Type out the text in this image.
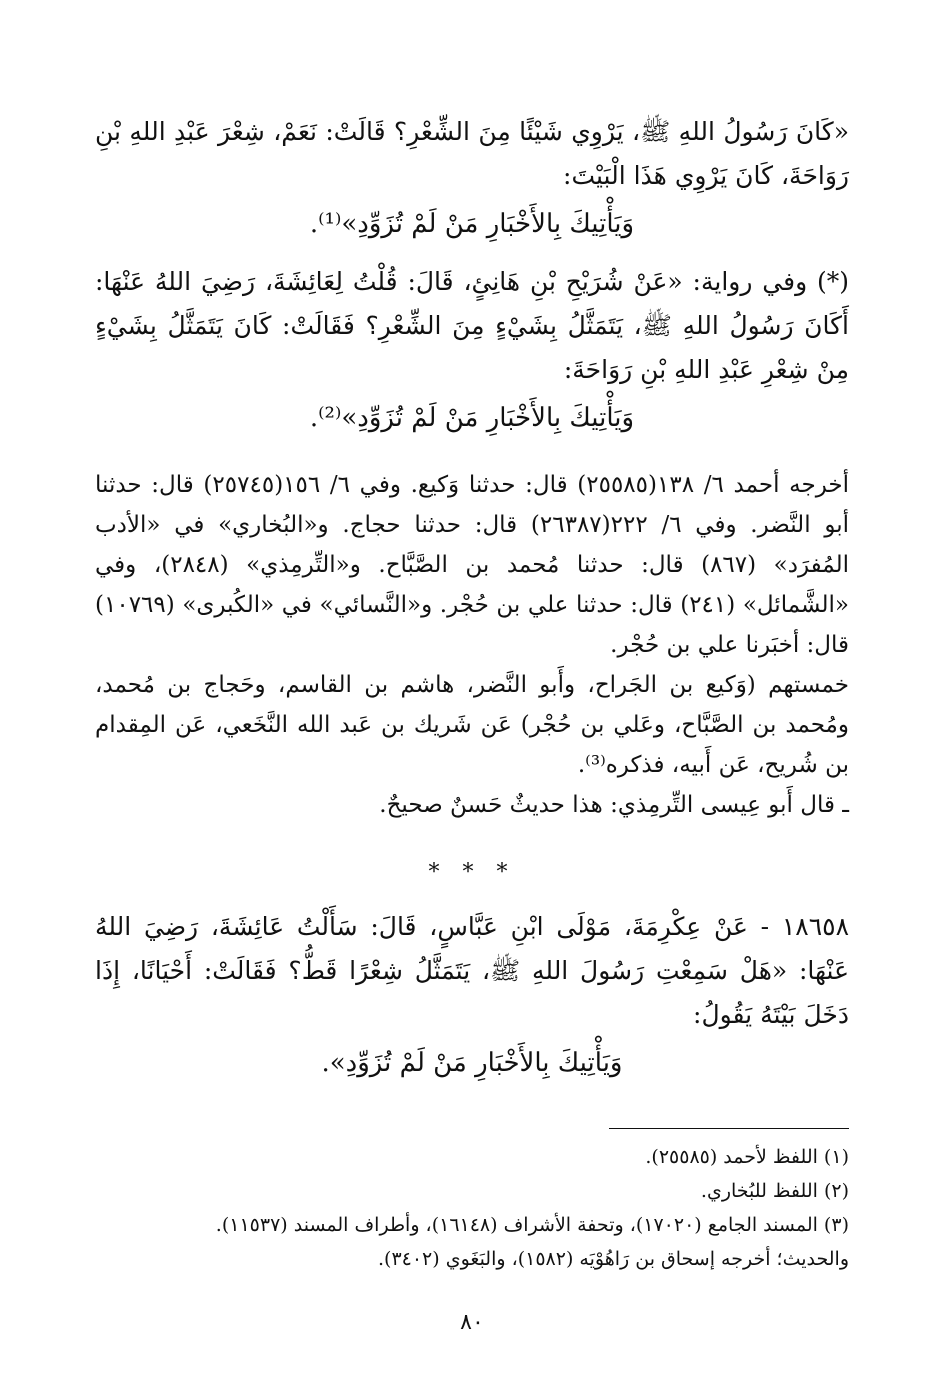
«كَانَ رَسُولُ اللهِ ﷺ، يَرْوِي شَيْئًا مِنَ الشِّعْرِ؟ قَالَتْ: نَعَمْ، شِعْرَ عَبْدِ اللهِ بْنِ رَوَاحَةَ، كَانَ يَرْوِي هَذَا الْبَيْتَ:

وَيَأْتِيكَ بِالأَخْبَارِ مَنْ لَمْ تُزَوِّدِ»⁽¹⁾.

(*) وفي رواية: «عَنْ شُرَيْحِ بْنِ هَانِئٍ، قَالَ: قُلْتُ لِعَائِشَةَ، رَضِيَ اللهُ عَنْهَا: أَكَانَ رَسُولُ اللهِ ﷺ، يَتَمَثَّلُ بِشَيْءٍ مِنَ الشِّعْرِ؟ فَقَالَتْ: كَانَ يَتَمَثَّلُ بِشَيْءٍ مِنْ شِعْرِ عَبْدِ اللهِ بْنِ رَوَاحَةَ:

وَيَأْتِيكَ بِالأَخْبَارِ مَنْ لَمْ تُزَوِّدِ»⁽²⁾.

أخرجه أحمد ٦/ ١٣٨(٢٥٥٨٥) قال: حدثنا وَكيع. وفي ٦/ ١٥٦(٢٥٧٤٥) قال: حدثنا أبو النَّضر. وفي ٦/ ٢٢٢(٢٦٣٨٧) قال: حدثنا حجاج. و«البُخاري» في «الأدب المُفرَد» (٨٦٧) قال: حدثنا مُحمد بن الصَّبَّاح. و«التِّرمِذي» (٢٨٤٨)، وفي «الشَّمائل» (٢٤١) قال: حدثنا علي بن حُجْر. و«النَّسائي» في «الكُبرى» (١٠٧٦٩) قال: أخبَرنا علي بن حُجْر.

خمستهم (وَكيع بن الجَراح، وأَبو النَّضر، هاشم بن القاسم، وحَجاج بن مُحمد، ومُحمد بن الصَّبَّاح، وعَلي بن حُجْر) عَن شَريك بن عَبد الله النَّخَعي، عَن المِقدام بن شُريح، عَن أَبيه، فذكره⁽³⁾.

ـ قال أَبو عِيسى التِّرمِذي: هذا حديثٌ حَسنٌ صحيحٌ.

* * *

١٨٦٥٨ - عَنْ عِكْرِمَةَ، مَوْلَى ابْنِ عَبَّاسٍ، قَالَ: سَأَلْتُ عَائِشَةَ، رَضِيَ اللهُ عَنْهَا: «هَلْ سَمِعْتِ رَسُولَ اللهِ ﷺ، يَتَمَثَّلُ شِعْرًا قَطُّ؟ فَقَالَتْ: أَحْيَانًا، إِذَا دَخَلَ بَيْتَهُ يَقُولُ:

وَيَأْتِيكَ بِالأَخْبَارِ مَنْ لَمْ تُزَوِّدِ».

(١) اللفظ لأحمد (٢٥٥٨٥).

(٢) اللفظ للبُخاري.

(٣) المسند الجامع (١٧٠٢٠)، وتحفة الأشراف (١٦١٤٨)، وأطراف المسند (١١٥٣٧).

والحديث؛ أخرجه إسحاق بن رَاهُوْيَه (١٥٨٢)، والبَغَوي (٣٤٠٢).

٨٠
